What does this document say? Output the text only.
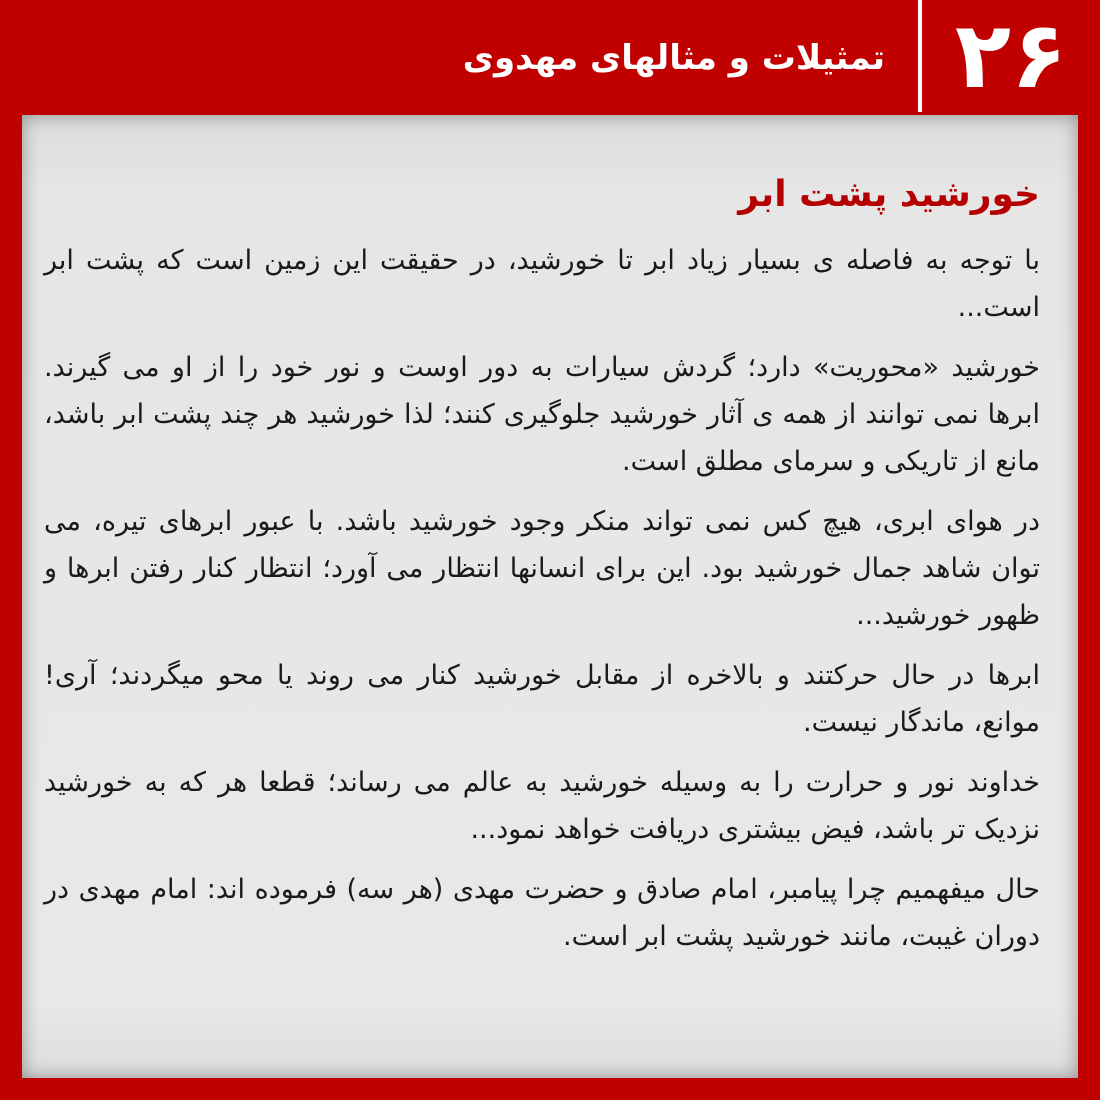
۲۶
تمثیلات و مثالهای مهدوی
خورشید پشت ابر

با توجه به فاصله ی بسیار زیاد ابر تا خورشید، در حقیقت این زمین است که پشت ابر است...

خورشید «محوریت» دارد؛ گردش سیارات به دور اوست و نور خود را از او می گیرند. ابرها نمی توانند از همه ی آثار خورشید جلوگیری کنند؛ لذا خورشید هر چند پشت ابر باشد، مانع از تاریکی و سرمای مطلق است.

در هوای ابری، هیچ کس نمی تواند منکر وجود خورشید باشد. با عبور ابرهای تیره، می توان شاهد جمال خورشید بود. این برای انسانها انتظار می آورد؛ انتظار کنار رفتن ابرها و ظهور خورشید...

ابرها در حال حرکتند و بالاخره از مقابل خورشید کنار می روند یا محو میگردند؛ آری! موانع، ماندگار نیست.

خداوند نور و حرارت را به وسیله خورشید به عالم می رساند؛ قطعا هر که به خورشید نزدیک تر باشد، فیض بیشتری دریافت خواهد نمود...

حال میفهمیم چرا پیامبر، امام صادق و حضرت مهدی (هر سه) فرموده اند: امام مهدی در دوران غیبت، مانند خورشید پشت ابر است.
